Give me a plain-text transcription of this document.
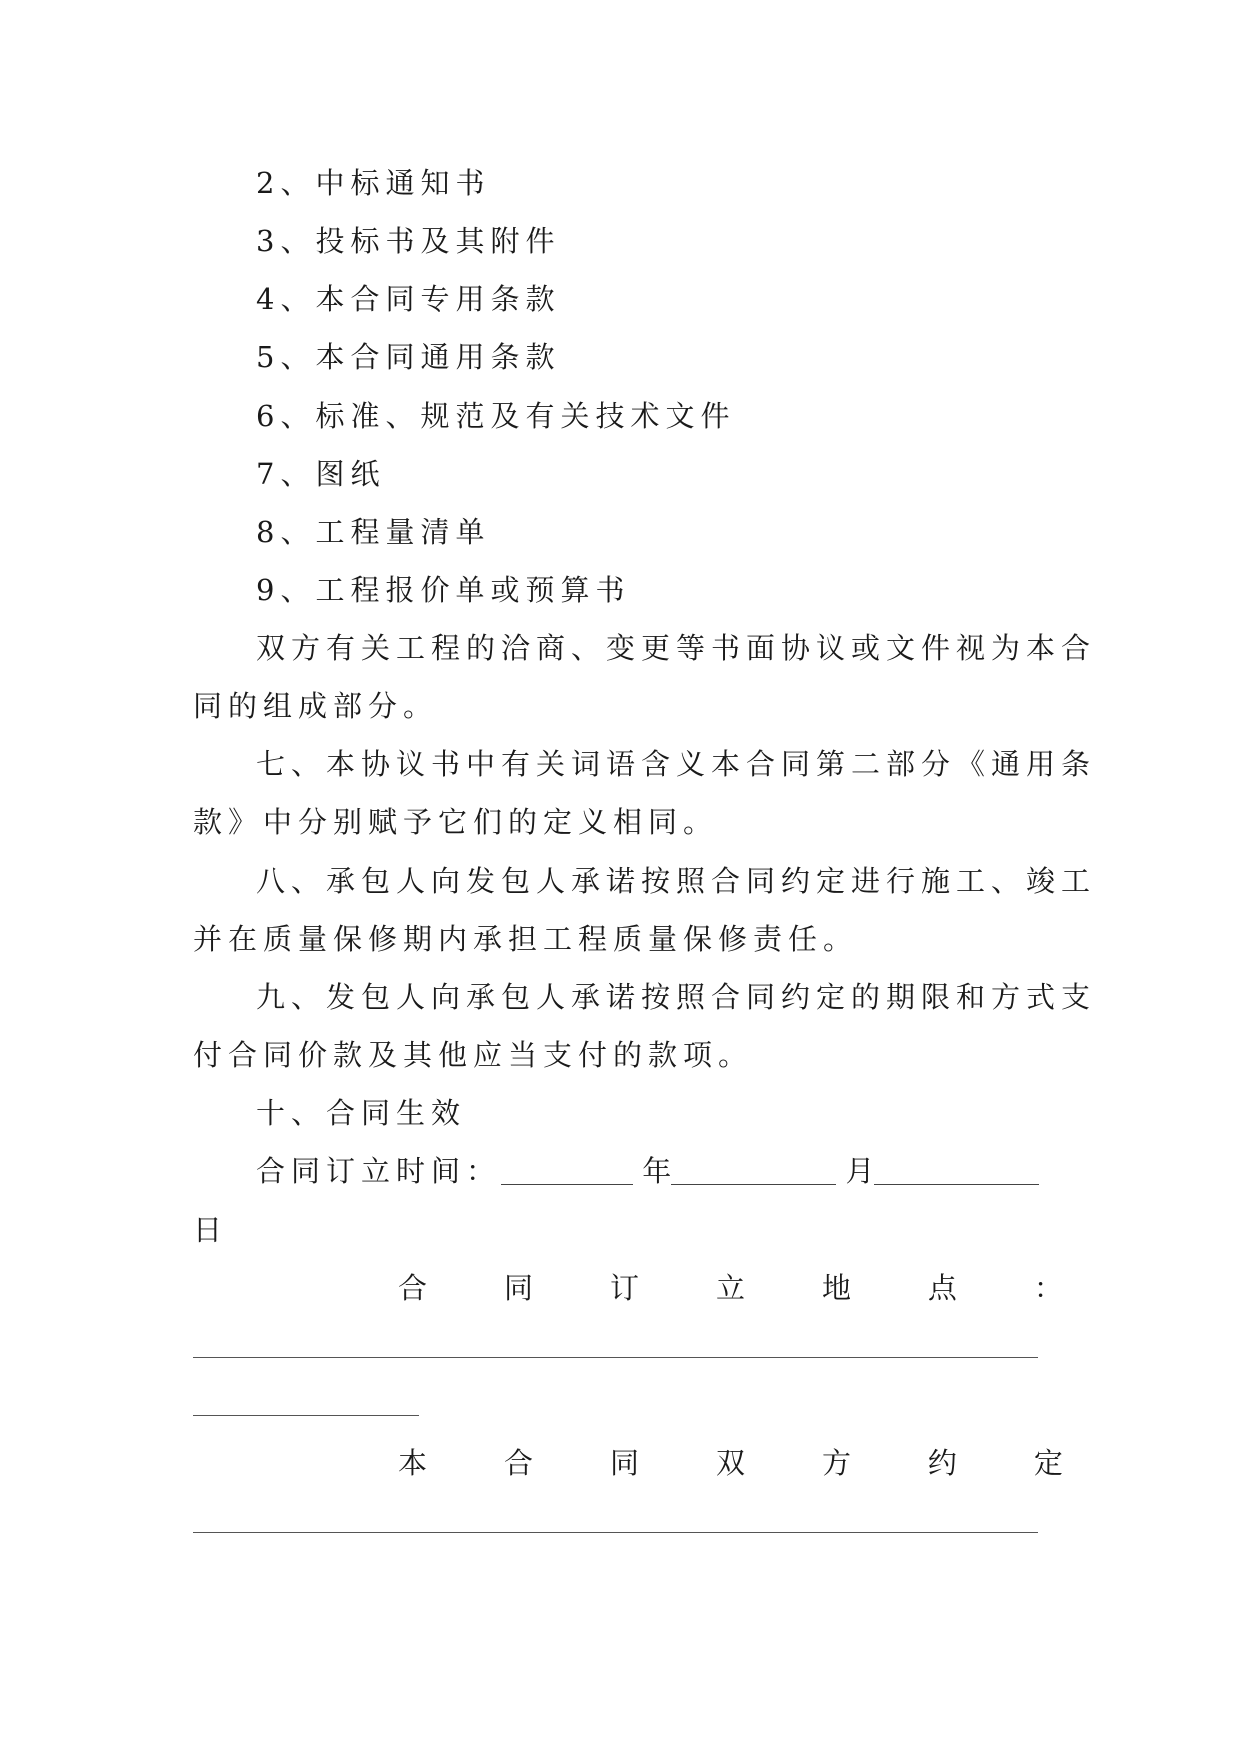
2、中标通知书
3、投标书及其附件
4、本合同专用条款
5、本合同通用条款
6、标准、规范及有关技术文件
7、图纸
8、工程量清单
9、工程报价单或预算书
双方有关工程的洽商、变更等书面协议或文件视为本合
同的组成部分。
七、本协议书中有关词语含义本合同第二部分《通用条
款》中分别赋予它们的定义相同。
八、承包人向发包人承诺按照合同约定进行施工、竣工
并在质量保修期内承担工程质量保修责任。
九、发包人向承包人承诺按照合同约定的期限和方式支
付合同价款及其他应当支付的款项。
十、合同生效
合同订立时间：	年	月
日
合	同	订	立	地	点	：
本	合	同	双	方	约	定
